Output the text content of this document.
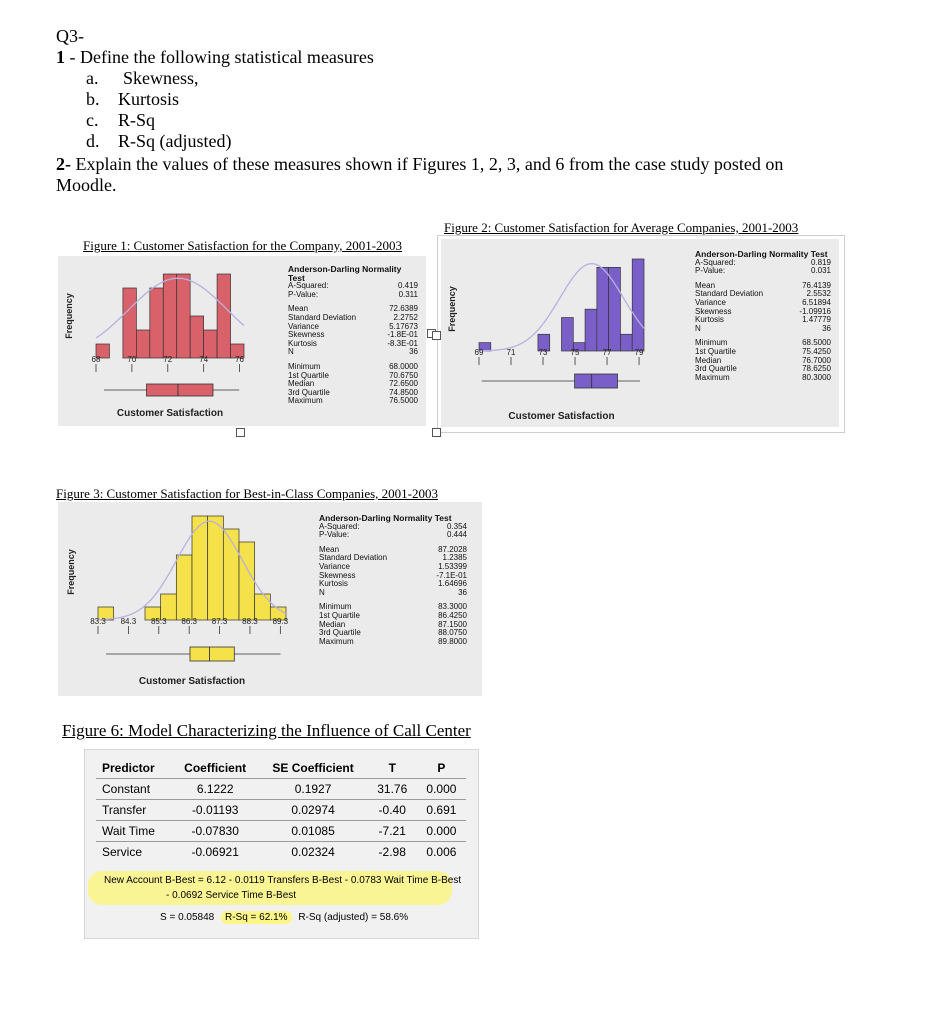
Q3-
1 - Define the following statistical measures
a. Skewness,
b. Kurtosis
c. R-Sq
d. R-Sq (adjusted)
2- Explain the values of these measures shown if Figures 1, 2, 3, and 6 from the case study posted on
Moodle.
Figure 1: Customer Satisfaction for the Company, 2001-2003
Frequency
68	70	72	74	76
Customer Satisfaction
Anderson-Darling Normality Test
A-Squared:	0.419
P-Value:	0.311
Mean	72.6389
Standard Deviation	2.2752
Variance	5.17673
Skewness	-1.8E-01
Kurtosis	-8.3E-01
N	36
Minimum	68.0000
1st Quartile	70.6750
Median	72.6500
3rd Quartile	74.8500
Maximum	76.5000
Figure 2: Customer Satisfaction for Average Companies, 2001-2003
Frequency
69	71	73	75	77	79
Customer Satisfaction
Anderson-Darling Normality Test
A-Squared:	0.819
P-Value:	0.031
Mean	76.4139
Standard Deviation	2.5532
Variance	6.51894
Skewness	-1.09916
Kurtosis	1.47779
N	36
Minimum	68.5000
1st Quartile	75.4250
Median	76.7000
3rd Quartile	78.6250
Maximum	80.3000
Figure 3: Customer Satisfaction for Best-in-Class Companies, 2001-2003
Frequency
83.3 84.3 85.3 86.3 87.3 88.3 89.3
Customer Satisfaction
Anderson-Darling Normality Test
A-Squared:	0.354
P-Value:	0.444
Mean	87.2028
Standard Deviation	1.2385
Variance	1.53399
Skewness	-7.1E-01
Kurtosis	1.64696
N	36
Minimum	83.3000
1st Quartile	86.4250
Median	87.1500
3rd Quartile	88.0750
Maximum	89.8000
Figure 6: Model Characterizing the Influence of Call Center
Predictor	Coefficient	SE Coefficient	T	P
Constant	6.1222	0.1927	31.76	0.000
Transfer	-0.01193	0.02974	-0.40	0.691
Wait Time	-0.07830	0.01085	-7.21	0.000
Service	-0.06921	0.02324	-2.98	0.006
New Account B-Best = 6.12 - 0.0119 Transfers B-Best - 0.0783 Wait Time B-Best
- 0.0692 Service Time B-Best
S = 0.05848 R-Sq = 62.1% R-Sq (adjusted) = 58.6%
